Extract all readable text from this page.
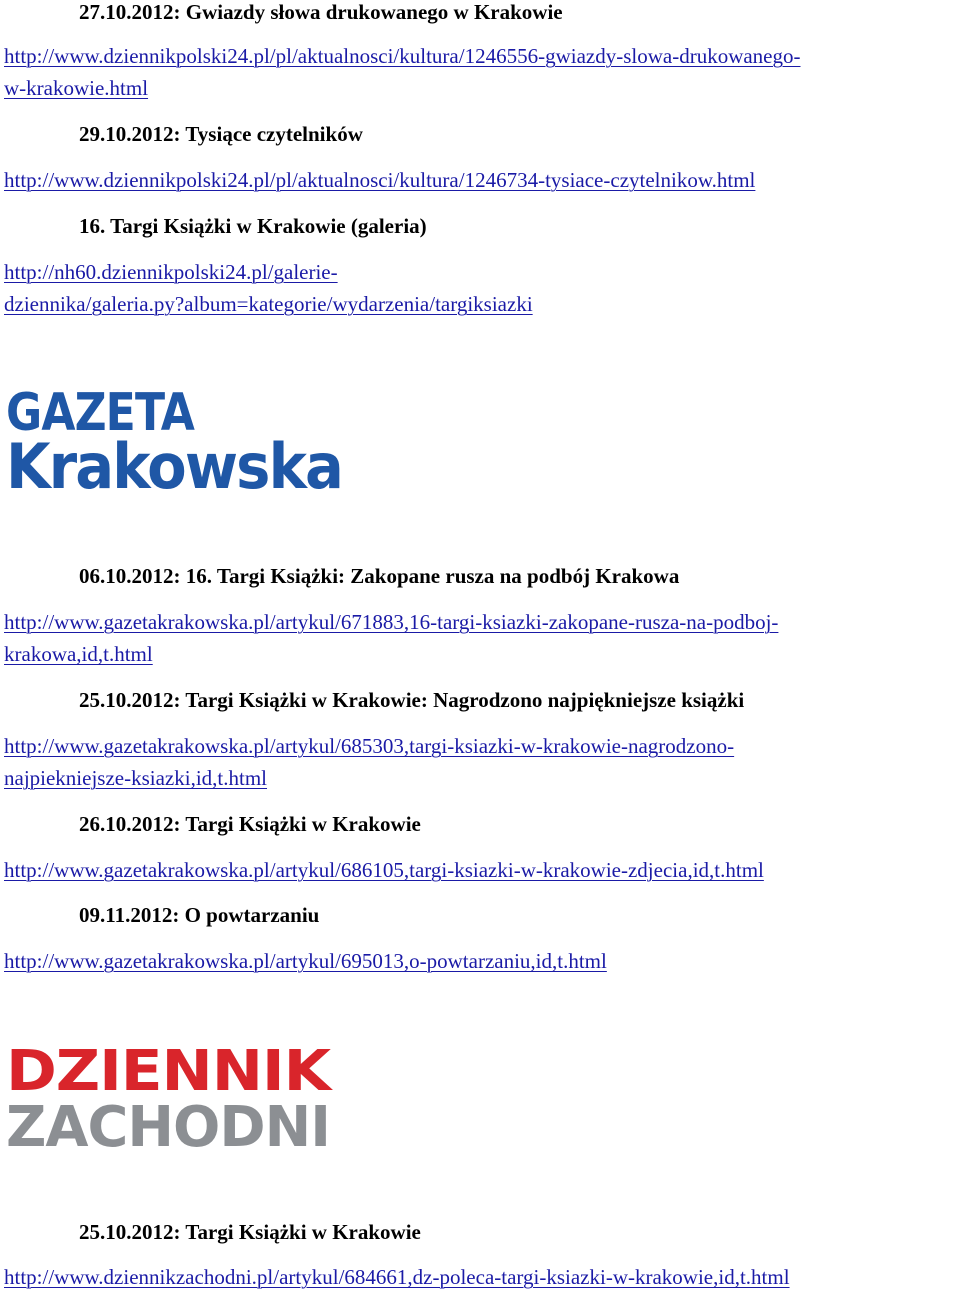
27.10.2012: Gwiazdy słowa drukowanego w Krakowie

http://www.dziennikpolski24.pl/pl/aktualnosci/kultura/1246556-gwiazdy-slowa-drukowanego-

w-krakowie.html

29.10.2012: Tysiące czytelników

http://www.dziennikpolski24.pl/pl/aktualnosci/kultura/1246734-tysiace-czytelnikow.html

16. Targi Książki w Krakowie (galeria)

http://nh60.dziennikpolski24.pl/galerie-

dziennika/galeria.py?album=kategorie/wydarzenia/targiksiazki

GAZETA
Krakowska

06.10.2012: 16. Targi Książki: Zakopane rusza na podbój Krakowa

http://www.gazetakrakowska.pl/artykul/671883,16-targi-ksiazki-zakopane-rusza-na-podboj-

krakowa,id,t.html

25.10.2012: Targi Książki w Krakowie: Nagrodzono najpiękniejsze książki

http://www.gazetakrakowska.pl/artykul/685303,targi-ksiazki-w-krakowie-nagrodzono-

najpiekniejsze-ksiazki,id,t.html

26.10.2012: Targi Książki w Krakowie

http://www.gazetakrakowska.pl/artykul/686105,targi-ksiazki-w-krakowie-zdjecia,id,t.html

09.11.2012: O powtarzaniu

http://www.gazetakrakowska.pl/artykul/695013,o-powtarzaniu,id,t.html

DZIENNIK
ZACHODNI

25.10.2012: Targi Książki w Krakowie

http://www.dziennikzachodni.pl/artykul/684661,dz-poleca-targi-ksiazki-w-krakowie,id,t.html
